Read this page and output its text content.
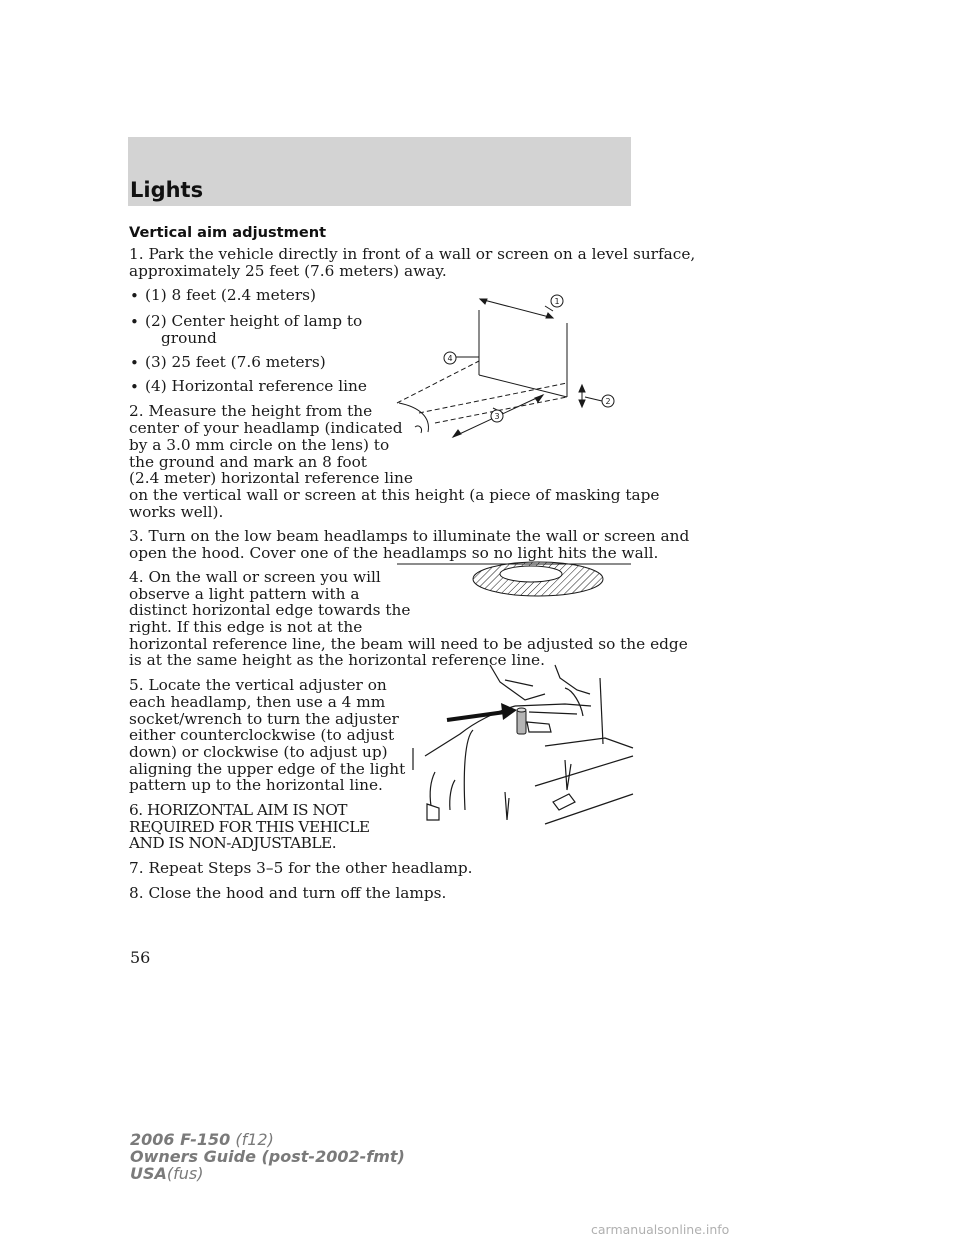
Lights
Vertical aim adjustment
1. Park the vehicle directly in front of a wall or screen on a level surface,
approximately 25 feet (7.6 meters) away.
• (1) 8 feet (2.4 meters)
• (2) Center height of lamp to
ground
• (3) 25 feet (7.6 meters)
• (4) Horizontal reference line
2. Measure the height from the
center of your headlamp (indicated
by a 3.0 mm circle on the lens) to
the ground and mark an 8 foot
(2.4 meter) horizontal reference line
on the vertical wall or screen at this height (a piece of masking tape
works well).
3. Turn on the low beam headlamps to illuminate the wall or screen and
open the hood. Cover one of the headlamps so no light hits the wall.
4. On the wall or screen you will
observe a light pattern with a
distinct horizontal edge towards the
right. If this edge is not at the
horizontal reference line, the beam will need to be adjusted so the edge
is at the same height as the horizontal reference line.
5. Locate the vertical adjuster on
each headlamp, then use a 4 mm
socket/wrench to turn the adjuster
either counterclockwise (to adjust
down) or clockwise (to adjust up)
aligning the upper edge of the light
pattern up to the horizontal line.
6. HORIZONTAL AIM IS NOT
REQUIRED FOR THIS VEHICLE
AND IS NON-ADJUSTABLE.
7. Repeat Steps 3–5 for the other headlamp.
8. Close the hood and turn off the lamps.
1
2
3
4
56
2006 F-150 (f12)
Owners Guide (post-2002-fmt)
USA(fus)
carmanualsonline.info
